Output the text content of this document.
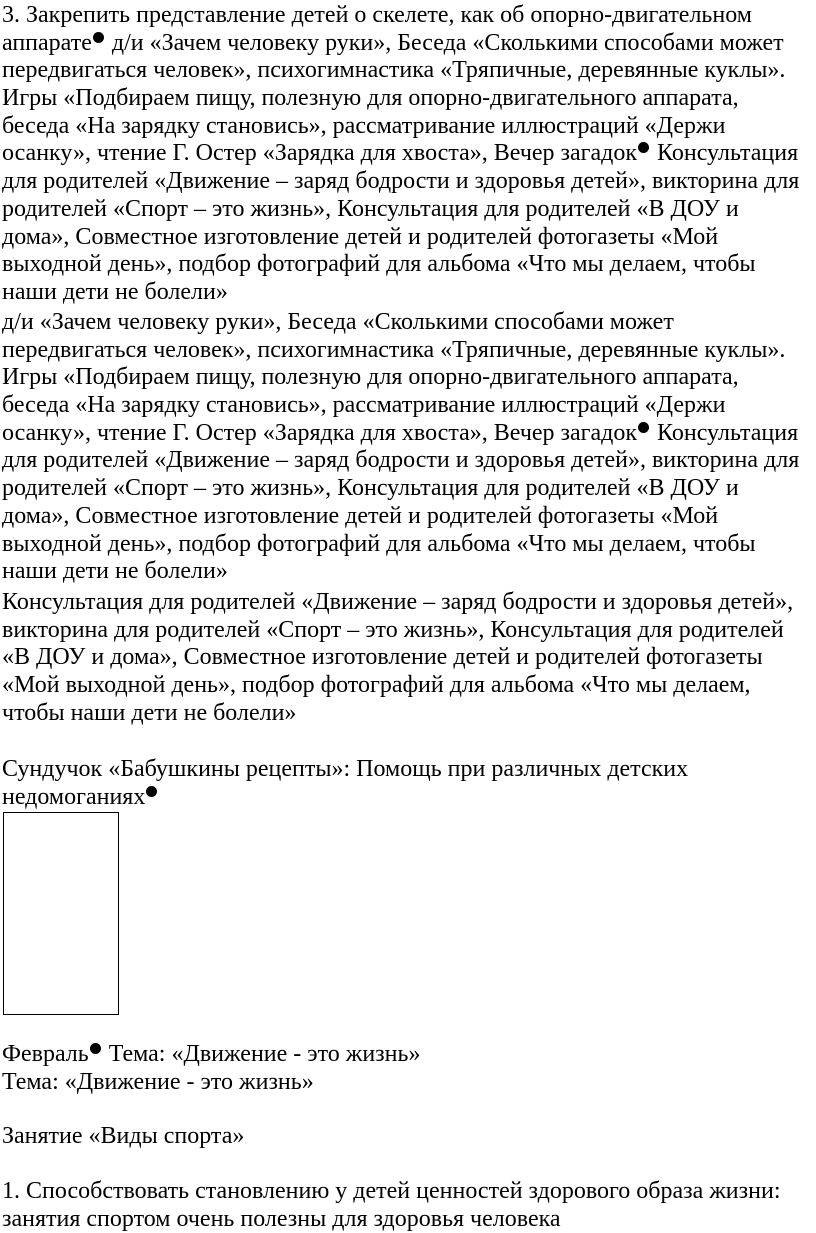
3. Закрепить представление детей о скелете, как об опорно-двигательном
аппарате д/и «Зачем человеку руки», Беседа «Сколькими способами может
передвигаться человек», психогимнастика «Тряпичные, деревянные куклы».
Игры «Подбираем пищу, полезную для опорно-двигательного аппарата,
беседа «На зарядку становись», рассматривание иллюстраций «Держи
осанку», чтение Г. Остер «Зарядка для хвоста», Вечер загадок Консультация
для родителей «Движение – заряд бодрости и здоровья детей», викторина для
родителей «Спорт – это жизнь», Консультация для родителей «В ДОУ и
дома», Совместное изготовление детей и родителей фотогазеты «Мой
выходной день», подбор фотографий для альбома «Что мы делаем, чтобы
наши дети не болели»
д/и «Зачем человеку руки», Беседа «Сколькими способами может
передвигаться человек», психогимнастика «Тряпичные, деревянные куклы».
Игры «Подбираем пищу, полезную для опорно-двигательного аппарата,
беседа «На зарядку становись», рассматривание иллюстраций «Держи
осанку», чтение Г. Остер «Зарядка для хвоста», Вечер загадок Консультация
для родителей «Движение – заряд бодрости и здоровья детей», викторина для
родителей «Спорт – это жизнь», Консультация для родителей «В ДОУ и
дома», Совместное изготовление детей и родителей фотогазеты «Мой
выходной день», подбор фотографий для альбома «Что мы делаем, чтобы
наши дети не болели»
Консультация для родителей «Движение – заряд бодрости и здоровья детей»,
викторина для родителей «Спорт – это жизнь», Консультация для родителей
«В ДОУ и дома», Совместное изготовление детей и родителей фотогазеты
«Мой выходной день», подбор фотографий для альбома «Что мы делаем,
чтобы наши дети не болели»
Сундучок «Бабушкины рецепты»: Помощь при различных детских
недомоганиях
Февраль Тема: «Движение - это жизнь»
Тема: «Движение - это жизнь»
Занятие «Виды спорта»
1. Способствовать становлению у детей ценностей здорового образа жизни:
занятия спортом очень полезны для здоровья человека
